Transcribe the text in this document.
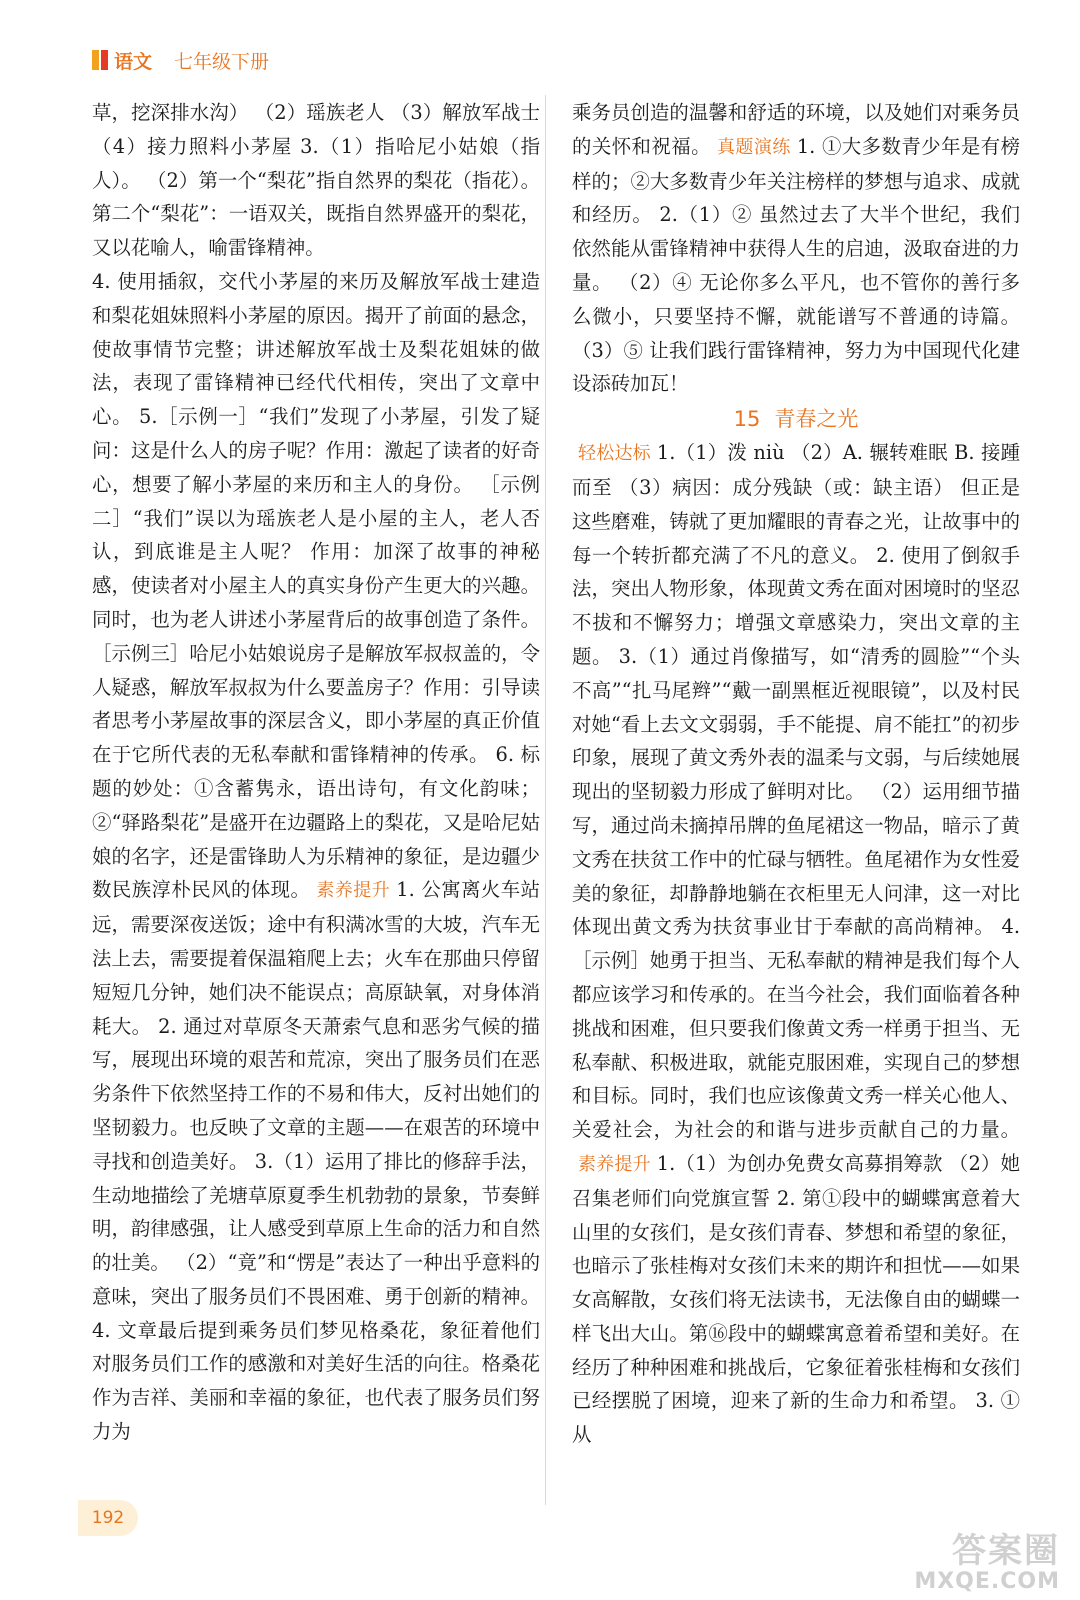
语文 七年级下册

草，挖深排水沟） （2）瑶族老人 （3）解放军战士 （4）接力照料小茅屋 3.（1）指哈尼小姑娘（指人）。 （2）第一个“梨花”指自然界的梨花（指花）。第二个“梨花”：一语双关，既指自然界盛开的梨花，又以花喻人，喻雷锋精神。

4. 使用插叙，交代小茅屋的来历及解放军战士建造和梨花姐妹照料小茅屋的原因。揭开了前面的悬念，使故事情节完整；讲述解放军战士及梨花姐妹的做法，表现了雷锋精神已经代代相传，突出了文章中心。 5.［示例一］“我们”发现了小茅屋，引发了疑问：这是什么人的房子呢？作用：激起了读者的好奇心，想要了解小茅屋的来历和主人的身份。 ［示例二］“我们”误以为瑶族老人是小屋的主人，老人否认，到底谁是主人呢？ 作用：加深了故事的神秘感，使读者对小屋主人的真实身份产生更大的兴趣。同时，也为老人讲述小茅屋背后的故事创造了条件。 ［示例三］哈尼小姑娘说房子是解放军叔叔盖的，令人疑惑，解放军叔叔为什么要盖房子？作用：引导读者思考小茅屋故事的深层含义，即小茅屋的真正价值在于它所代表的无私奉献和雷锋精神的传承。 6. 标题的妙处：①含蓄隽永，语出诗句，有文化韵味；②“驿路梨花”是盛开在边疆路上的梨花，又是哈尼姑娘的名字，还是雷锋助人为乐精神的象征，是边疆少数民族淳朴民风的体现。 素养提升 1. 公寓离火车站远，需要深夜送饭；途中有积满冰雪的大坡，汽车无法上去，需要提着保温箱爬上去；火车在那曲只停留短短几分钟，她们决不能误点；高原缺氧，对身体消耗大。 2. 通过对草原冬天萧索气息和恶劣气候的描写，展现出环境的艰苦和荒凉，突出了服务员们在恶劣条件下依然坚持工作的不易和伟大，反衬出她们的坚韧毅力。也反映了文章的主题——在艰苦的环境中寻找和创造美好。 3.（1）运用了排比的修辞手法，生动地描绘了羌塘草原夏季生机勃勃的景象，节奏鲜明，韵律感强，让人感受到草原上生命的活力和自然的壮美。 （2）“竟”和“愣是”表达了一种出乎意料的意味，突出了服务员们不畏困难、勇于创新的精神。 4. 文章最后提到乘务员们梦见格桑花，象征着他们对服务员们工作的感激和对美好生活的向往。格桑花作为吉祥、美丽和幸福的象征，也代表了服务员们努力为

乘务员创造的温馨和舒适的环境，以及她们对乘务员的关怀和祝福。 真题演练 1. ①大多数青少年是有榜样的；②大多数青少年关注榜样的梦想与追求、成就和经历。 2.（1）② 虽然过去了大半个世纪，我们依然能从雷锋精神中获得人生的启迪，汲取奋进的力量。 （2）④ 无论你多么平凡，也不管你的善行多么微小，只要坚持不懈，就能谱写不普通的诗篇。 （3）⑤ 让我们践行雷锋精神，努力为中国现代化建设添砖加瓦！

15 青春之光

轻松达标 1.（1）泼 niù （2）A. 辗转难眠 B. 接踵而至 （3）病因：成分残缺（或：缺主语） 但正是这些磨难，铸就了更加耀眼的青春之光，让故事中的每一个转折都充满了不凡的意义。 2. 使用了倒叙手法，突出人物形象，体现黄文秀在面对困境时的坚忍不拔和不懈努力；增强文章感染力，突出文章的主题。 3.（1）通过肖像描写，如“清秀的圆脸”“个头不高”“扎马尾辫”“戴一副黑框近视眼镜”，以及村民对她“看上去文文弱弱，手不能提、肩不能扛”的初步印象，展现了黄文秀外表的温柔与文弱，与后续她展现出的坚韧毅力形成了鲜明对比。 （2）运用细节描写，通过尚未摘掉吊牌的鱼尾裙这一物品，暗示了黄文秀在扶贫工作中的忙碌与牺牲。鱼尾裙作为女性爱美的象征，却静静地躺在衣柜里无人问津，这一对比体现出黄文秀为扶贫事业甘于奉献的高尚精神。 4.［示例］她勇于担当、无私奉献的精神是我们每个人都应该学习和传承的。在当今社会，我们面临着各种挑战和困难，但只要我们像黄文秀一样勇于担当、无私奉献、积极进取，就能克服困难，实现自己的梦想和目标。同时，我们也应该像黄文秀一样关心他人、关爱社会，为社会的和谐与进步贡献自己的力量。素养提升 1.（1）为创办免费女高募捐筹款 （2）她召集老师们向党旗宣誓 2. 第①段中的蝴蝶寓意着大山里的女孩们，是女孩们青春、梦想和希望的象征，也暗示了张桂梅对女孩们未来的期许和担忧——如果女高解散，女孩们将无法读书，无法像自由的蝴蝶一样飞出大山。第⑯段中的蝴蝶寓意着希望和美好。在经历了种种困难和挑战后，它象征着张桂梅和女孩们已经摆脱了困境，迎来了新的生命力和希望。 3. ①从

192
答案圈
MXQE.COM
